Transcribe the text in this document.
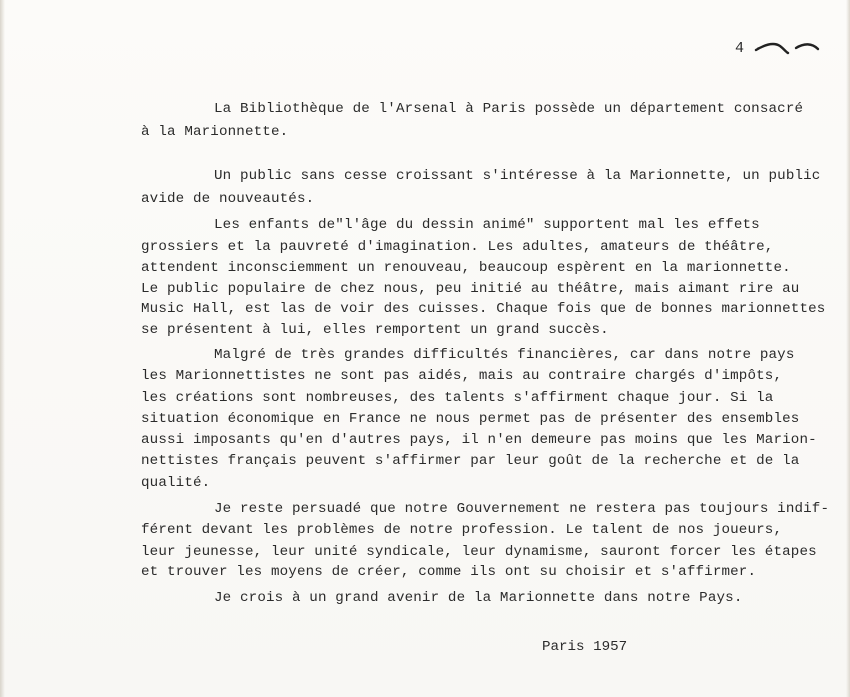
4 -
La Bibliothèque de l'Arsenal à Paris possède un département consacré
à la Marionnette.
Un public sans cesse croissant s'intéresse à la Marionnette, un public
avide de nouveautés.
Les enfants de"l'âge du dessin animé" supportent mal les effets
grossiers et la pauvreté d'imagination. Les adultes, amateurs de théâtre,
attendent inconsciemment un renouveau, beaucoup espèrent en la marionnette.
Le public populaire de chez nous, peu initié au théâtre, mais aimant rire au
Music Hall, est las de voir des cuisses. Chaque fois que de bonnes marionnettes
se présentent à lui, elles remportent un grand succès.
Malgré de très grandes difficultés financières, car dans notre pays
les Marionnettistes ne sont pas aidés, mais au contraire chargés d'impôts,
les créations sont nombreuses, des talents s'affirment chaque jour. Si la
situation économique en France ne nous permet pas de présenter des ensembles
aussi imposants qu'en d'autres pays, il n'en demeure pas moins que les Marion-
nettistes français peuvent s'affirmer par leur goût de la recherche et de la
qualité.
Je reste persuadé que notre Gouvernement ne restera pas toujours indif-
férent devant les problèmes de notre profession. Le talent de nos joueurs,
leur jeunesse, leur unité syndicale, leur dynamisme, sauront forcer les étapes
et trouver les moyens de créer, comme ils ont su choisir et s'affirmer.
Je crois à un grand avenir de la Marionnette dans notre Pays.
Paris 1957
